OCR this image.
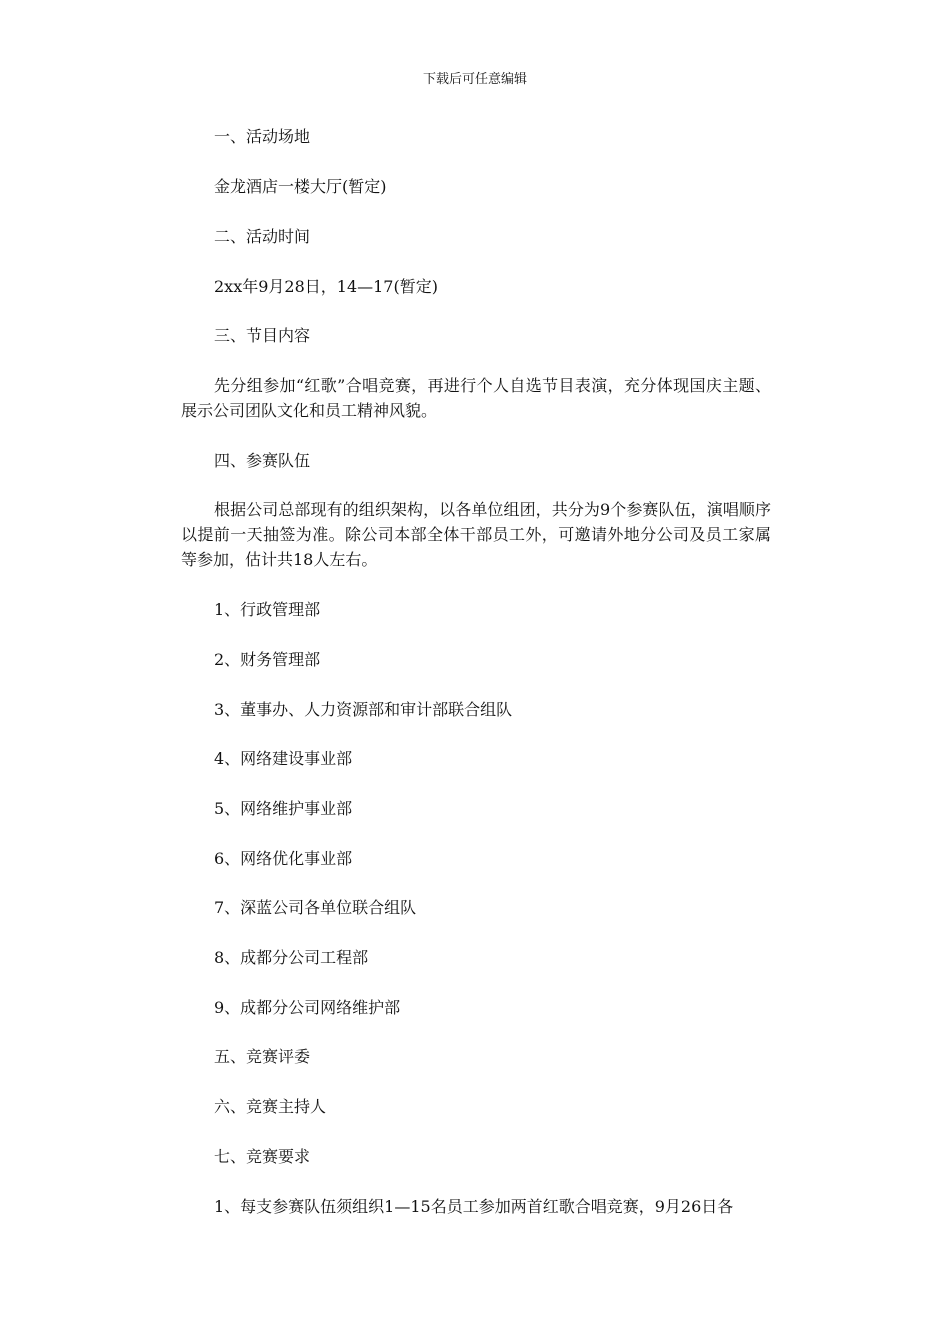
下载后可任意编辑
一、活动场地
金龙酒店一楼大厅(暂定)
二、活动时间
2xx年9月28日，14—17(暂定)
三、节目内容
先分组参加“红歌”合唱竞赛，再进行个人自选节目表演，充分体现国庆主题、展示公司团队文化和员工精神风貌。
四、参赛队伍
根据公司总部现有的组织架构，以各单位组团，共分为9个参赛队伍，演唱顺序以提前一天抽签为准。除公司本部全体干部员工外，可邀请外地分公司及员工家属等参加，估计共18人左右。
1、行政管理部
2、财务管理部
3、董事办、人力资源部和审计部联合组队
4、网络建设事业部
5、网络维护事业部
6、网络优化事业部
7、深蓝公司各单位联合组队
8、成都分公司工程部
9、成都分公司网络维护部
五、竞赛评委
六、竞赛主持人
七、竞赛要求
1、每支参赛队伍须组织1—15名员工参加两首红歌合唱竞赛，9月26日各
